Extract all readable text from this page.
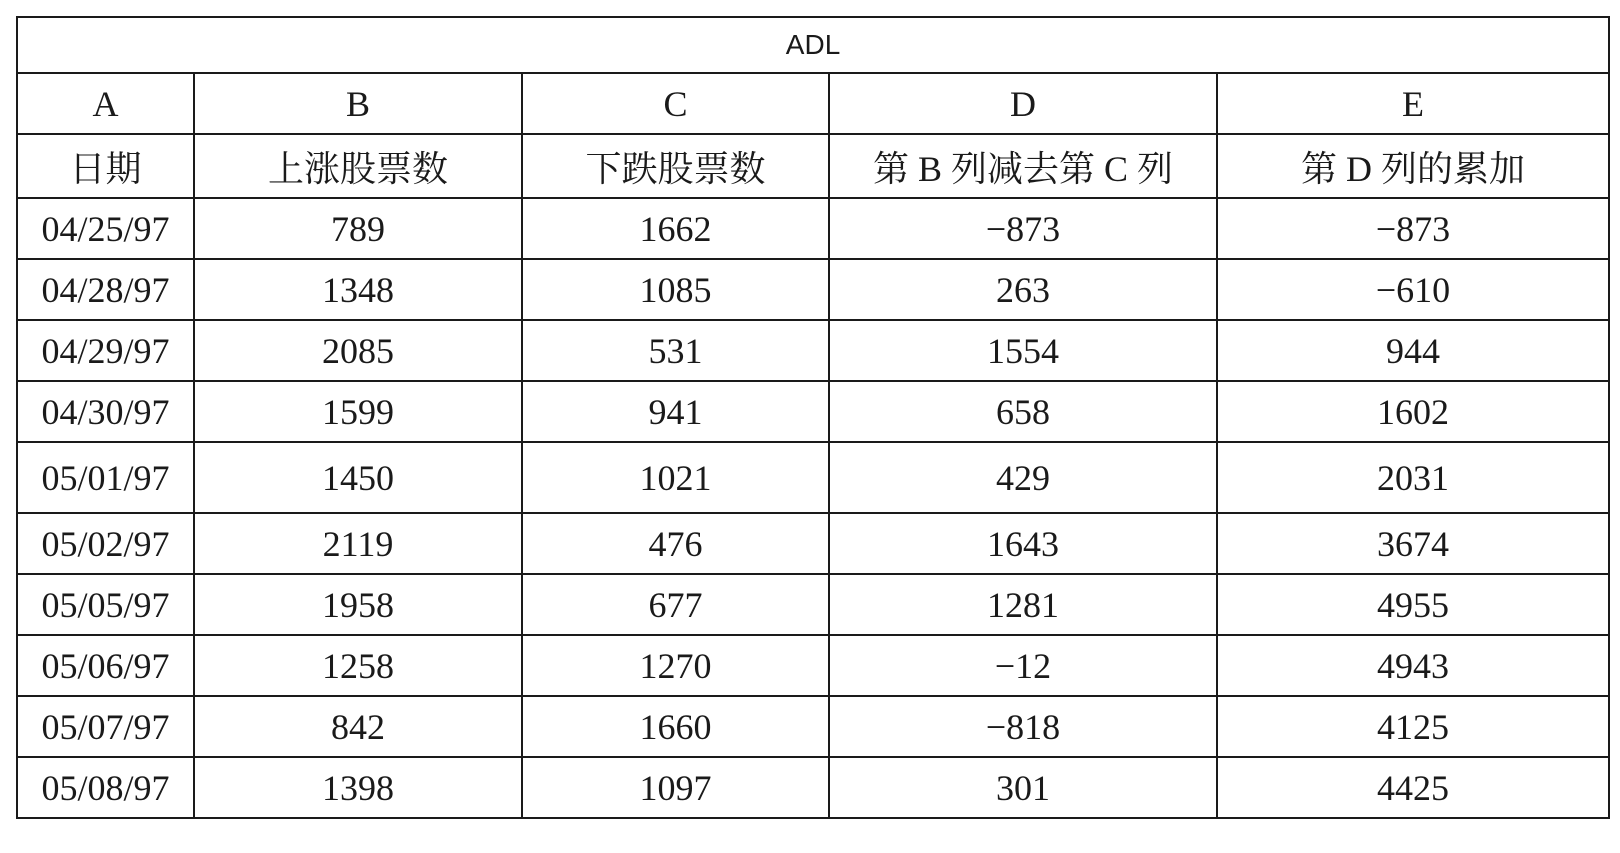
ADL				
A	B	C	D	E
日期	上涨股票数	下跌股票数	第 B 列减去第 C 列	第 D 列的累加
04/25/97	789	1662	−873	−873
04/28/97	1348	1085	263	−610
04/29/97	2085	531	1554	944
04/30/97	1599	941	658	1602
05/01/97	1450	1021	429	2031
05/02/97	2119	476	1643	3674
05/05/97	1958	677	1281	4955
05/06/97	1258	1270	−12	4943
05/07/97	842	1660	−818	4125
05/08/97	1398	1097	301	4425
